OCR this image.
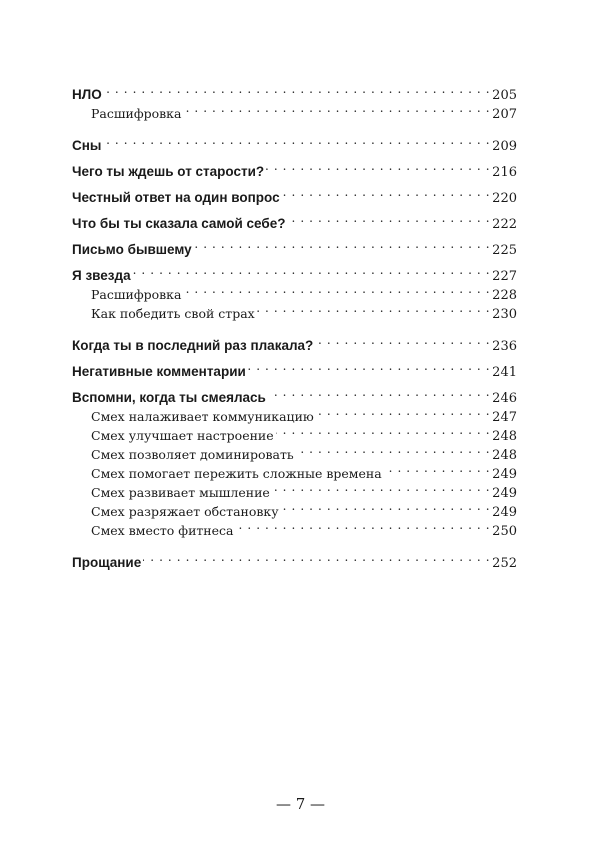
НЛО . . .	205
Расшифровка . . .	207
Сны . . .	209
Чего ты ждешь от старости? . . .	216
Честный ответ на один вопрос . . .	220
Что бы ты сказала самой себе? . . .	222
Письмо бывшему . . .	225
Я звезда . . .	227
Расшифровка . . .	228
Как победить свой страх . . .	230
Когда ты в последний раз плакала? . . .	236
Негативные комментарии . . .	241
Вспомни, когда ты смеялась . . .	246
Смех налаживает коммуникацию . . .	247
Смех улучшает настроение . . .	248
Смех позволяет доминировать . . .	248
Смех помогает пережить сложные времена . . .	249
Смех развивает мышление . . .	249
Смех разряжает обстановку . . .	249
Смех вместо фитнеса . . .	250
Прощание . . .	252
— 7 —
